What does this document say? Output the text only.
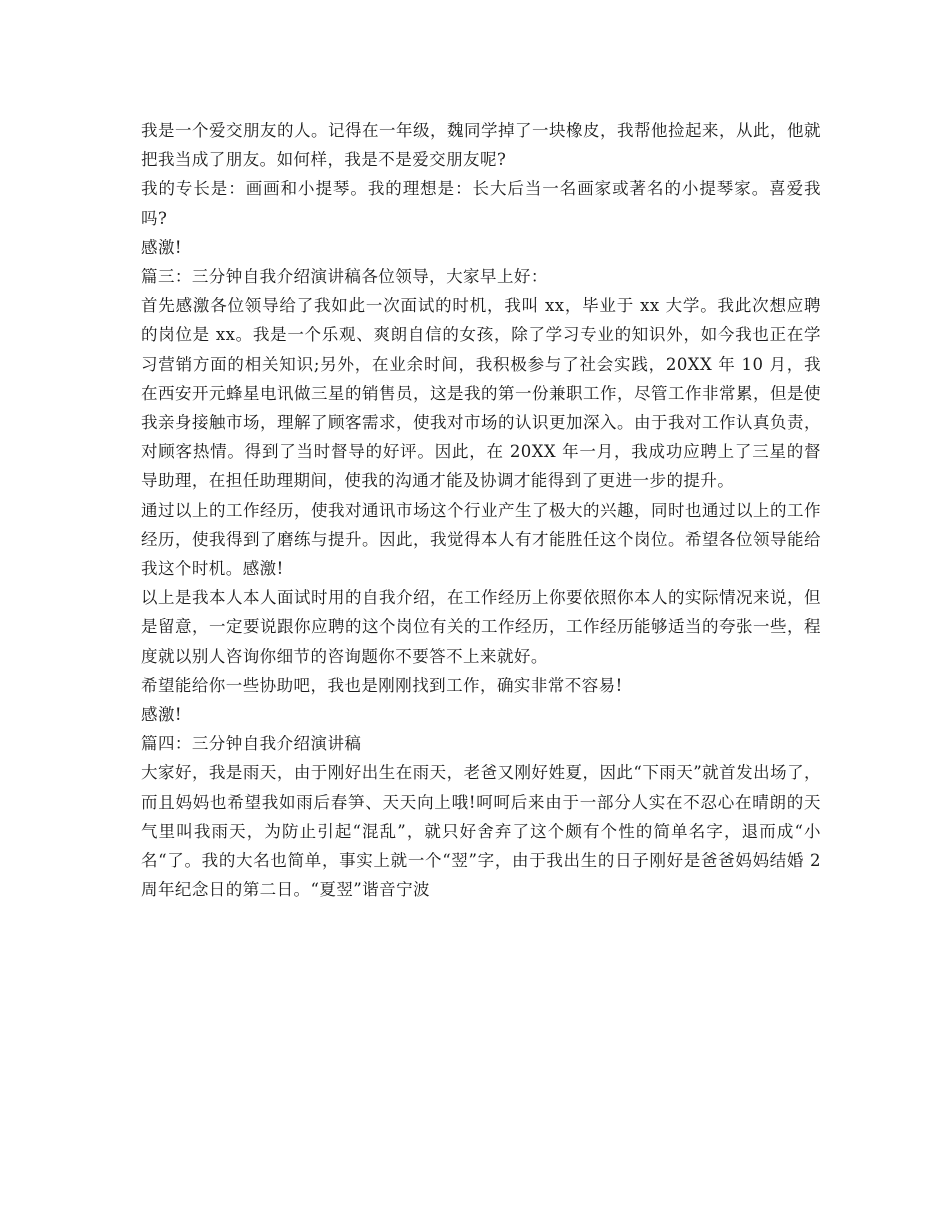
我是一个爱交朋友的人。记得在一年级，魏同学掉了一块橡皮，我帮他捡起来，从此，他就把我当成了朋友。如何样，我是不是爱交朋友呢?

我的专长是：画画和小提琴。我的理想是：长大后当一名画家或著名的小提琴家。喜爱我吗?

感激!

篇三：三分钟自我介绍演讲稿各位领导，大家早上好：

首先感激各位领导给了我如此一次面试的时机，我叫 xx，毕业于 xx 大学。我此次想应聘的岗位是 xx。我是一个乐观、爽朗自信的女孩，除了学习专业的知识外，如今我也正在学习营销方面的相关知识;另外，在业余时间，我积极参与了社会实践，20XX 年 10 月，我在西安开元蜂星电讯做三星的销售员，这是我的第一份兼职工作，尽管工作非常累，但是使我亲身接触市场，理解了顾客需求，使我对市场的认识更加深入。由于我对工作认真负责，对顾客热情。得到了当时督导的好评。因此，在 20XX 年一月，我成功应聘上了三星的督导助理，在担任助理期间，使我的沟通才能及协调才能得到了更进一步的提升。

通过以上的工作经历，使我对通讯市场这个行业产生了极大的兴趣，同时也通过以上的工作经历，使我得到了磨练与提升。因此，我觉得本人有才能胜任这个岗位。希望各位领导能给我这个时机。感激!

以上是我本人本人面试时用的自我介绍，在工作经历上你要依照你本人的实际情况来说，但是留意，一定要说跟你应聘的这个岗位有关的工作经历，工作经历能够适当的夸张一些，程度就以别人咨询你细节的咨询题你不要答不上来就好。

希望能给你一些协助吧，我也是刚刚找到工作，确实非常不容易!

感激!

篇四：三分钟自我介绍演讲稿

大家好，我是雨天，由于刚好出生在雨天，老爸又刚好姓夏，因此“下雨天”就首发出场了，而且妈妈也希望我如雨后春笋、天天向上哦!呵呵后来由于一部分人实在不忍心在晴朗的天气里叫我雨天，为防止引起“混乱”，就只好舍弃了这个颇有个性的简单名字，退而成“小名“了。我的大名也简单，事实上就一个“翌”字，由于我出生的日子刚好是爸爸妈妈结婚 2 周年纪念日的第二日。“夏翌”谐音宁波
